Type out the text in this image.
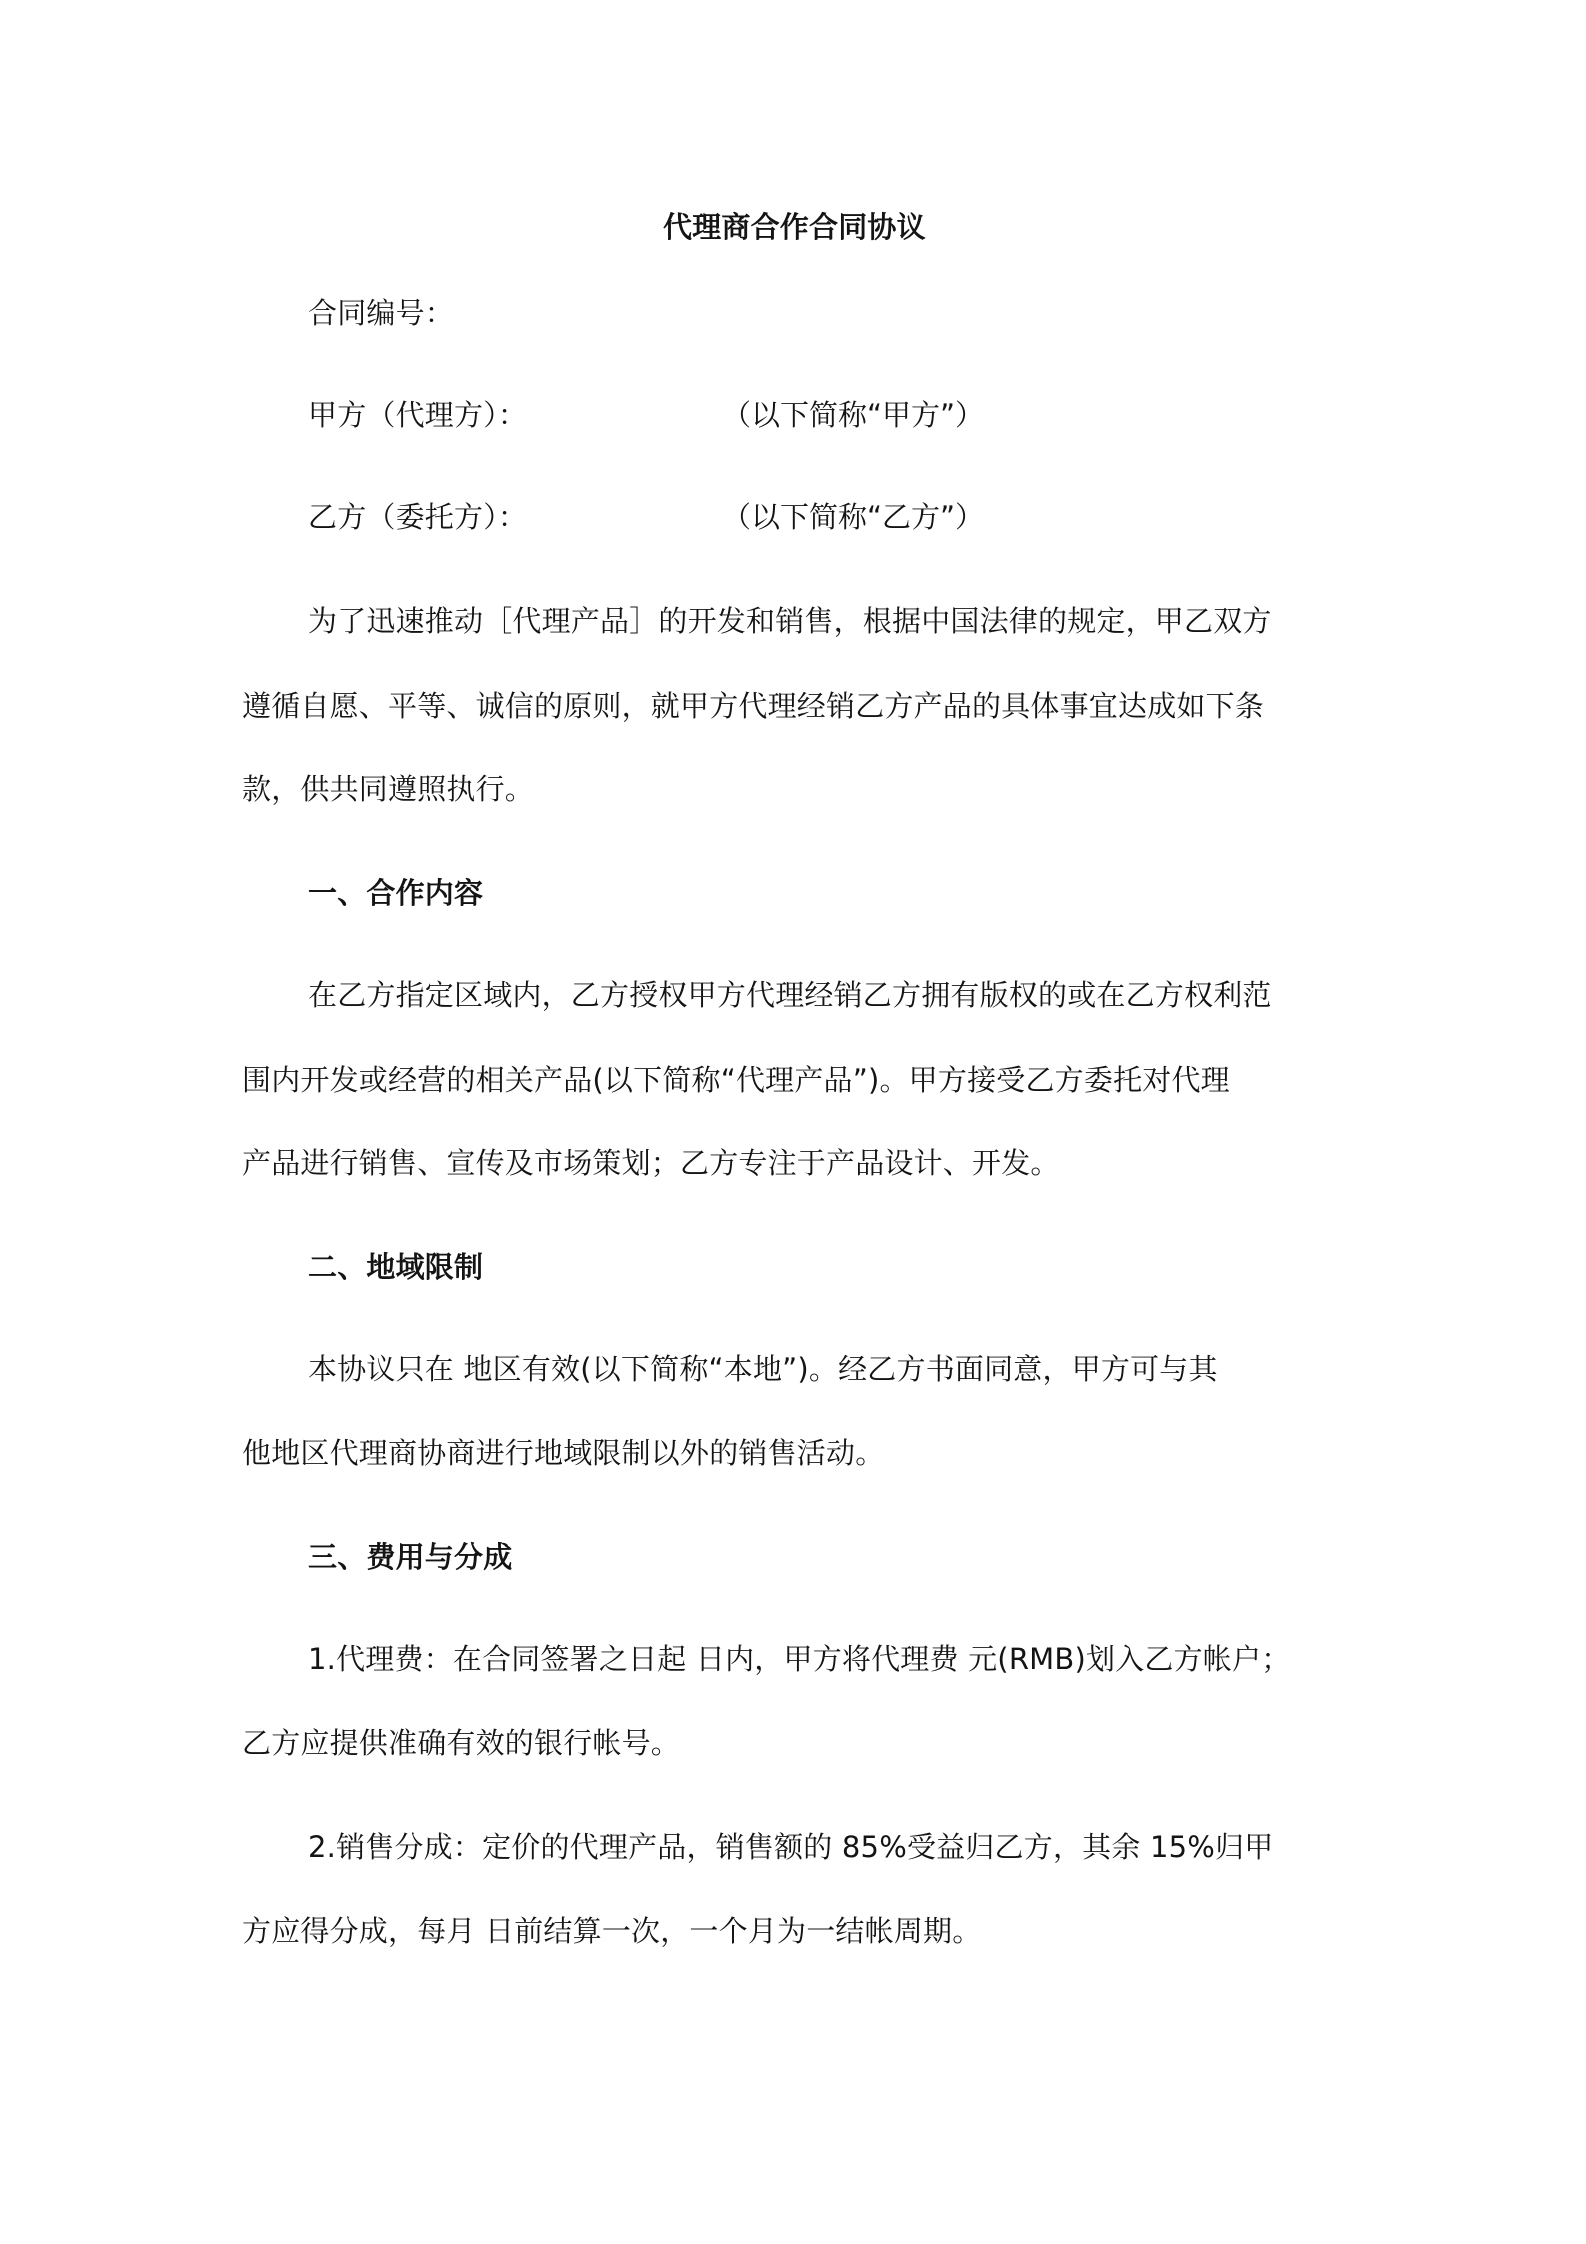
代理商合作合同协议
合同编号：
甲方（代理方）：	（以下简称“甲方”）
乙方（委托方）：	（以下简称“乙方”）
为了迅速推动［代理产品］的开发和销售，根据中国法律的规定，甲乙双方
遵循自愿、平等、诚信的原则，就甲方代理经销乙方产品的具体事宜达成如下条
款，供共同遵照执行。
一、合作内容
在乙方指定区域内，乙方授权甲方代理经销乙方拥有版权的或在乙方权利范
围内开发或经营的相关产品(以下简称“代理产品”)。甲方接受乙方委托对代理
产品进行销售、宣传及市场策划；乙方专注于产品设计、开发。
二、地域限制
本协议只在 地区有效(以下简称“本地”)。经乙方书面同意，甲方可与其
他地区代理商协商进行地域限制以外的销售活动。
三、费用与分成
1.代理费：在合同签署之日起 日内，甲方将代理费 元(RMB)划入乙方帐户；
乙方应提供准确有效的银行帐号。
2.销售分成：定价的代理产品，销售额的 85%受益归乙方，其余 15%归甲
方应得分成，每月 日前结算一次，一个月为一结帐周期。
